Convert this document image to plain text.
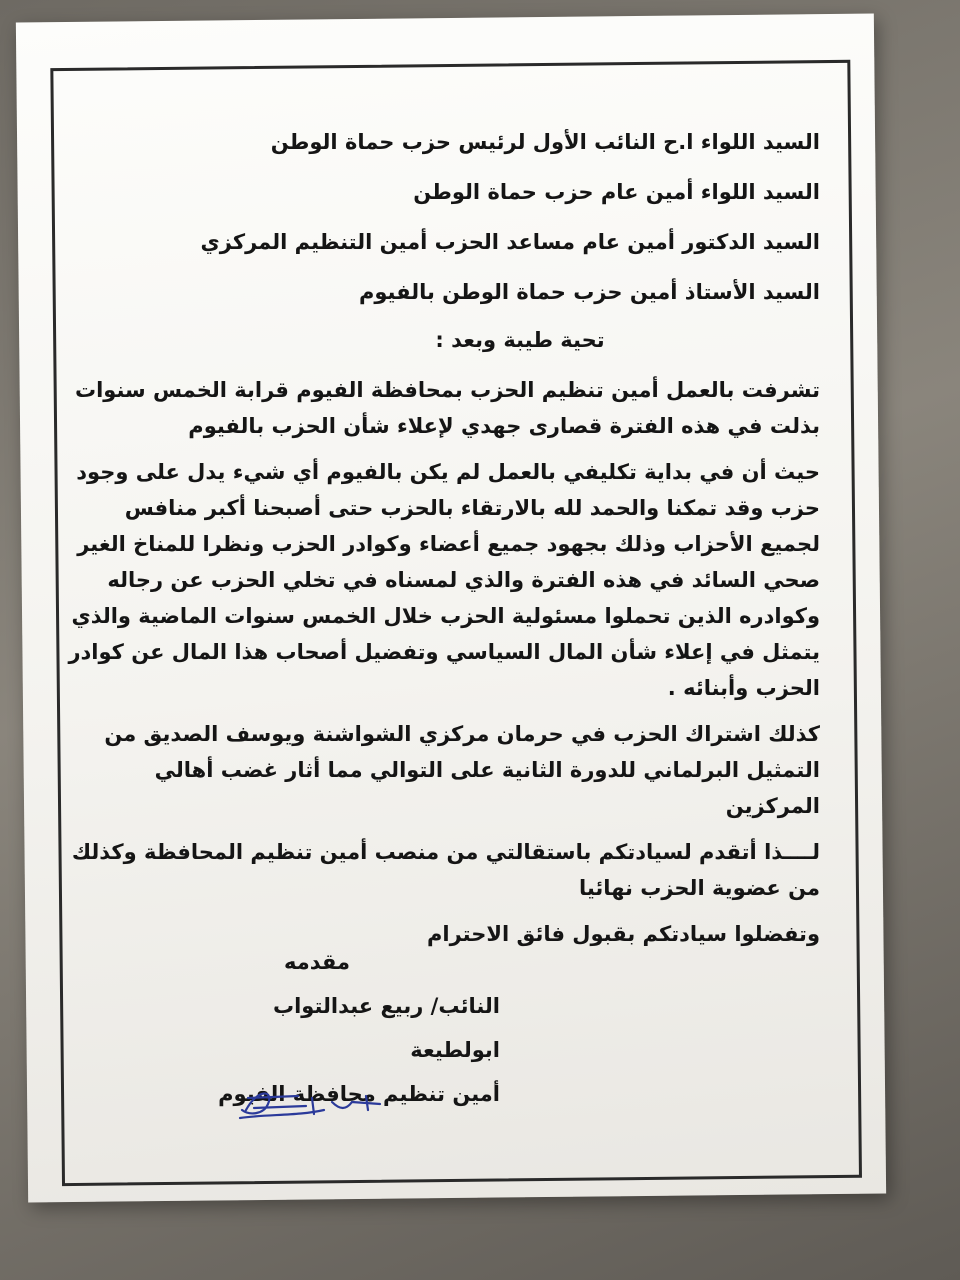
السيد اللواء ا.ح النائب الأول لرئيس حزب حماة الوطن
السيد اللواء أمين عام حزب حماة الوطن
السيد الدكتور أمين عام مساعد الحزب أمين التنظيم المركزي
السيد الأستاذ أمين حزب حماة الوطن بالفيوم
تحية طيبة وبعد :

تشرفت بالعمل أمين تنظيم الحزب بمحافظة الفيوم قرابة الخمس سنوات بذلت في هذه الفترة قصارى جهدي لإعلاء شأن الحزب بالفيوم

حيث أن في بداية تكليفي بالعمل لم يكن بالفيوم أي شيء يدل على وجود حزب وقد تمكنا والحمد لله بالارتقاء بالحزب حتى أصبحنا أكبر منافس لجميع الأحزاب وذلك بجهود جميع أعضاء وكوادر الحزب ونظرا للمناخ الغير صحي السائد في هذه الفترة والذي لمسناه في تخلي الحزب عن رجاله وكوادره الذين تحملوا مسئولية الحزب خلال الخمس سنوات الماضية والذي يتمثل في إعلاء شأن المال السياسي وتفضيل أصحاب هذا المال عن كوادر الحزب وأبنائه .

كذلك اشتراك الحزب في حرمان مركزي الشواشنة ويوسف الصديق من التمثيل البرلماني للدورة الثانية على التوالي مما أثار غضب أهالي المركزين

لــــذا أتقدم لسيادتكم باستقالتي من منصب أمين تنظيم المحافظة وكذلك من عضوية الحزب نهائيا

وتفضلوا سيادتكم بقبول فائق الاحترام

مقدمه
النائب/ ربيع عبدالتواب ابولطيعة
أمين تنظيم محافظة الفيوم
